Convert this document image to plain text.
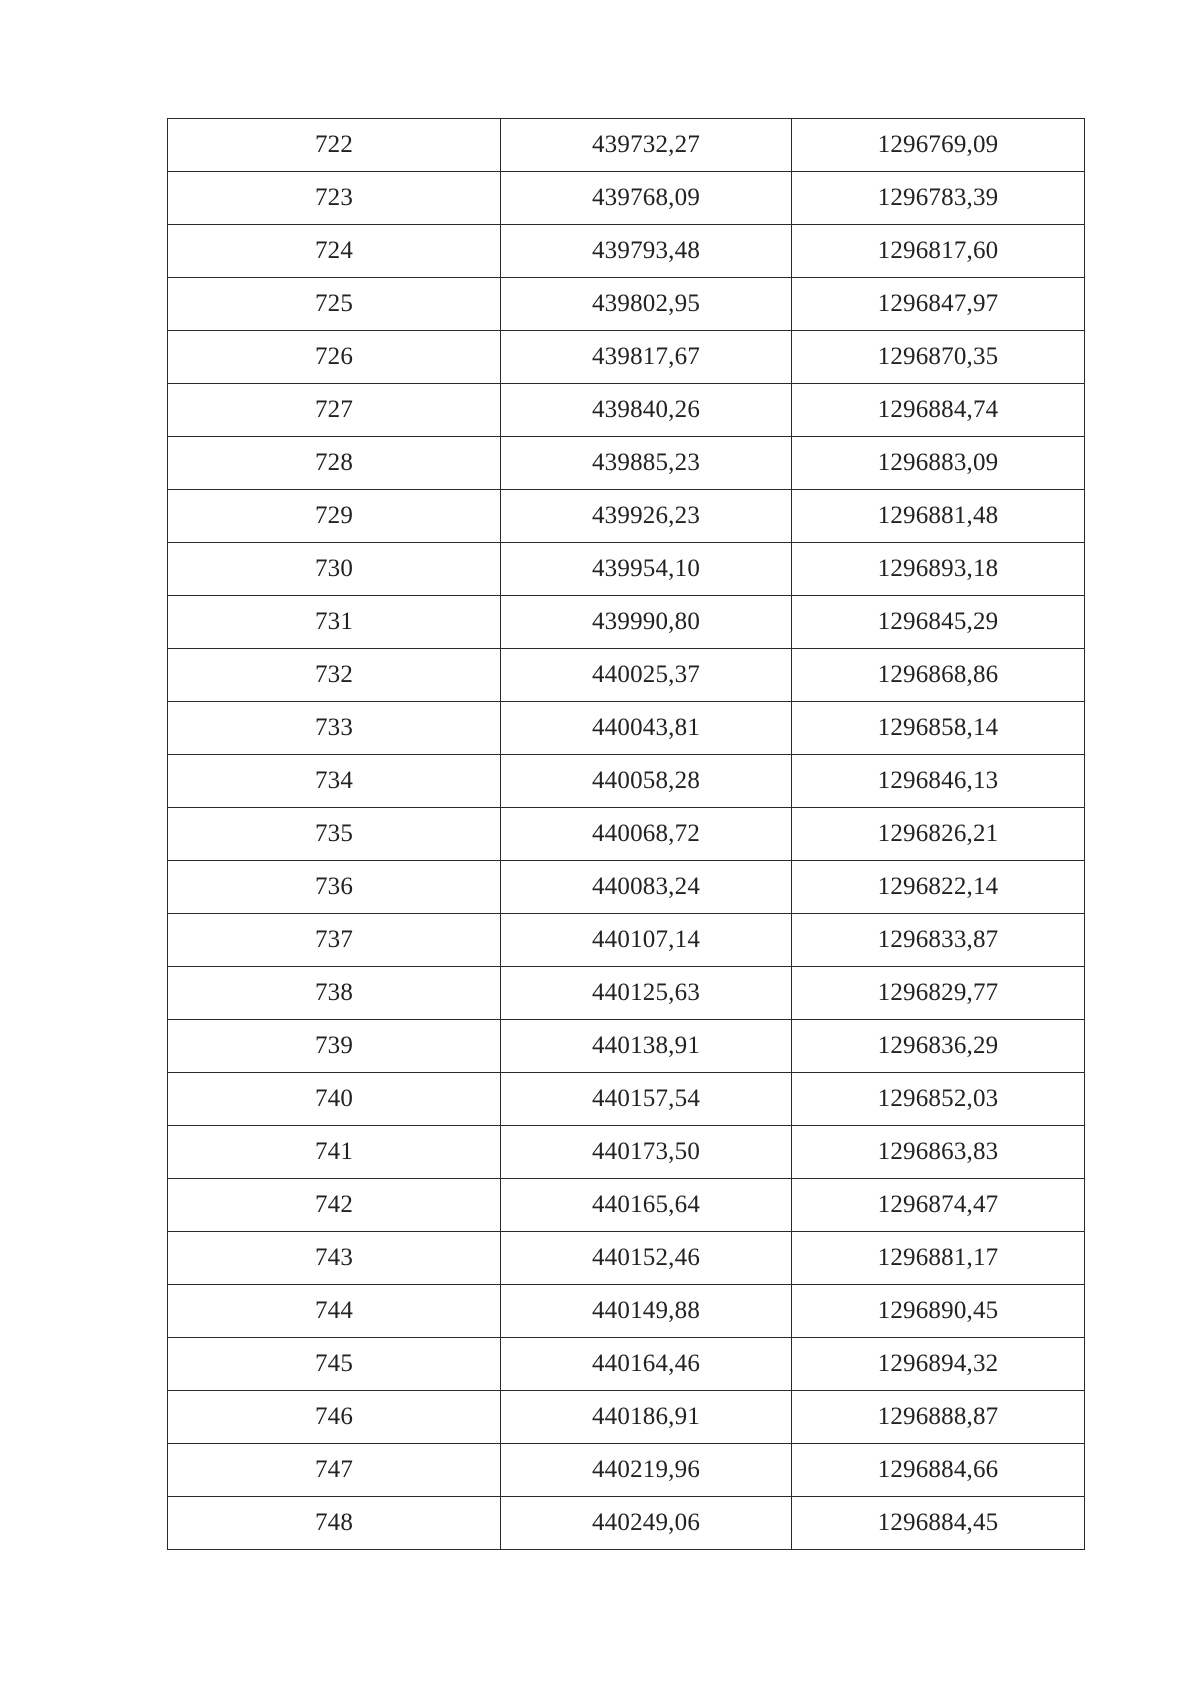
722	439732,27	1296769,09
723	439768,09	1296783,39
724	439793,48	1296817,60
725	439802,95	1296847,97
726	439817,67	1296870,35
727	439840,26	1296884,74
728	439885,23	1296883,09
729	439926,23	1296881,48
730	439954,10	1296893,18
731	439990,80	1296845,29
732	440025,37	1296868,86
733	440043,81	1296858,14
734	440058,28	1296846,13
735	440068,72	1296826,21
736	440083,24	1296822,14
737	440107,14	1296833,87
738	440125,63	1296829,77
739	440138,91	1296836,29
740	440157,54	1296852,03
741	440173,50	1296863,83
742	440165,64	1296874,47
743	440152,46	1296881,17
744	440149,88	1296890,45
745	440164,46	1296894,32
746	440186,91	1296888,87
747	440219,96	1296884,66
748	440249,06	1296884,45
